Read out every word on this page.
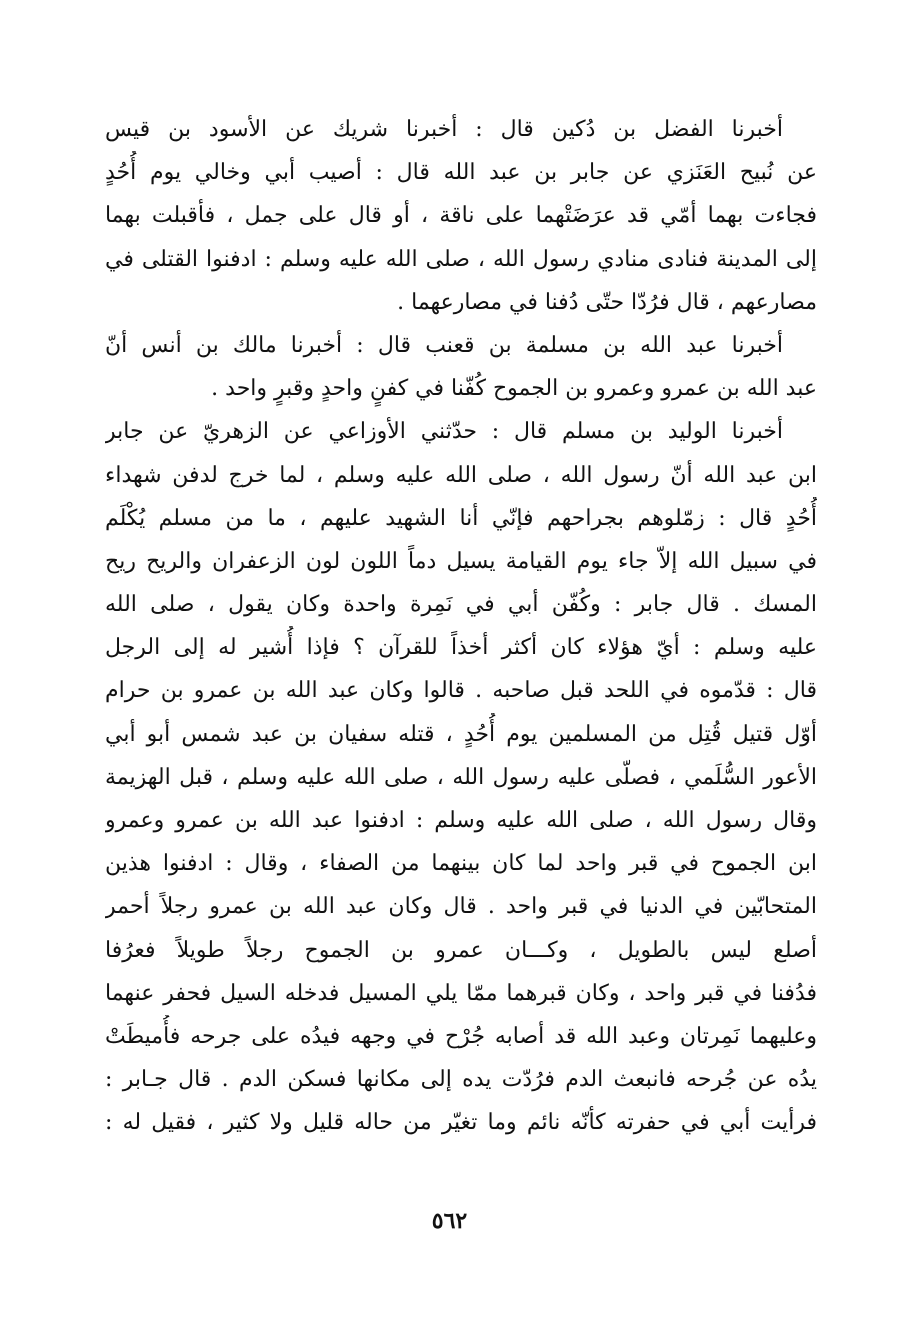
أخبرنا الفضل بن دُكين قال : أخبرنا شريك عن الأسود بن قيس
عن نُبيح العَنَزي عن جابر بن عبد الله قال : أصيب أبي وخالي يوم أُحُدٍ
فجاءت بهما أمّي قد عرَضَتْهما على ناقة ، أو قال على جمل ، فأقبلت بهما
إلى المدينة فنادى منادي رسول الله ، صلى الله عليه وسلم : ادفنوا القتلى في
مصارعهم ، قال فرُدّا حتّى دُفنا في مصارعهما .
أخبرنا عبد الله بن مسلمة بن قعنب قال : أخبرنا مالك بن أنس أنّ
عبد الله بن عمرو وعمرو بن الجموح كُفّنا في كفنٍ واحدٍ وقبرٍ واحد .
أخبرنا الوليد بن مسلم قال : حدّثني الأوزاعي عن الزهريّ عن جابر
ابن عبد الله أنّ رسول الله ، صلى الله عليه وسلم ، لما خرج لدفن شهداء
أُحُدٍ قال : زمّلوهم بجراحهم فإنّي أنا الشهيد عليهم ، ما من مسلم يُكْلَم
في سبيل الله إلاّ جاء يوم القيامة يسيل دماً اللون لون الزعفران والريح ريح
المسك . قال جابر : وكُفّن أبي في نَمِرة واحدة وكان يقول ، صلى الله
عليه وسلم : أيّ هؤلاء كان أكثر أخذاً للقرآن ؟ فإذا أُشير له إلى الرجل
قال : قدّموه في اللحد قبل صاحبه . قالوا وكان عبد الله بن عمرو بن حرام
أوّل قتيل قُتِل من المسلمين يوم أُحُدٍ ، قتله سفيان بن عبد شمس أبو أبي
الأعور السُّلَمي ، فصلّى عليه رسول الله ، صلى الله عليه وسلم ، قبل الهزيمة
وقال رسول الله ، صلى الله عليه وسلم : ادفنوا عبد الله بن عمرو وعمرو
ابن الجموح في قبر واحد لما كان بينهما من الصفاء ، وقال : ادفنوا هذين
المتحابّين في الدنيا في قبر واحد . قال وكان عبد الله بن عمرو رجلاً أحمر
أصلع ليس بالطويل ، وكـــان عمرو بن الجموح رجلاً طويلاً فعرُفا
فدُفنا في قبر واحد ، وكان قبرهما ممّا يلي المسيل فدخله السيل فحفر عنهما
وعليهما نَمِرتان وعبد الله قد أصابه جُرْح في وجهه فيدُه على جرحه فأُميطَتْ
يدُه عن جُرحه فانبعث الدم فرُدّت يده إلى مكانها فسكن الدم . قال جـابر :
فرأيت أبي في حفرته كأنّه نائم وما تغيّر من حاله قليل ولا كثير ، فقيل له :
٥٦٢
